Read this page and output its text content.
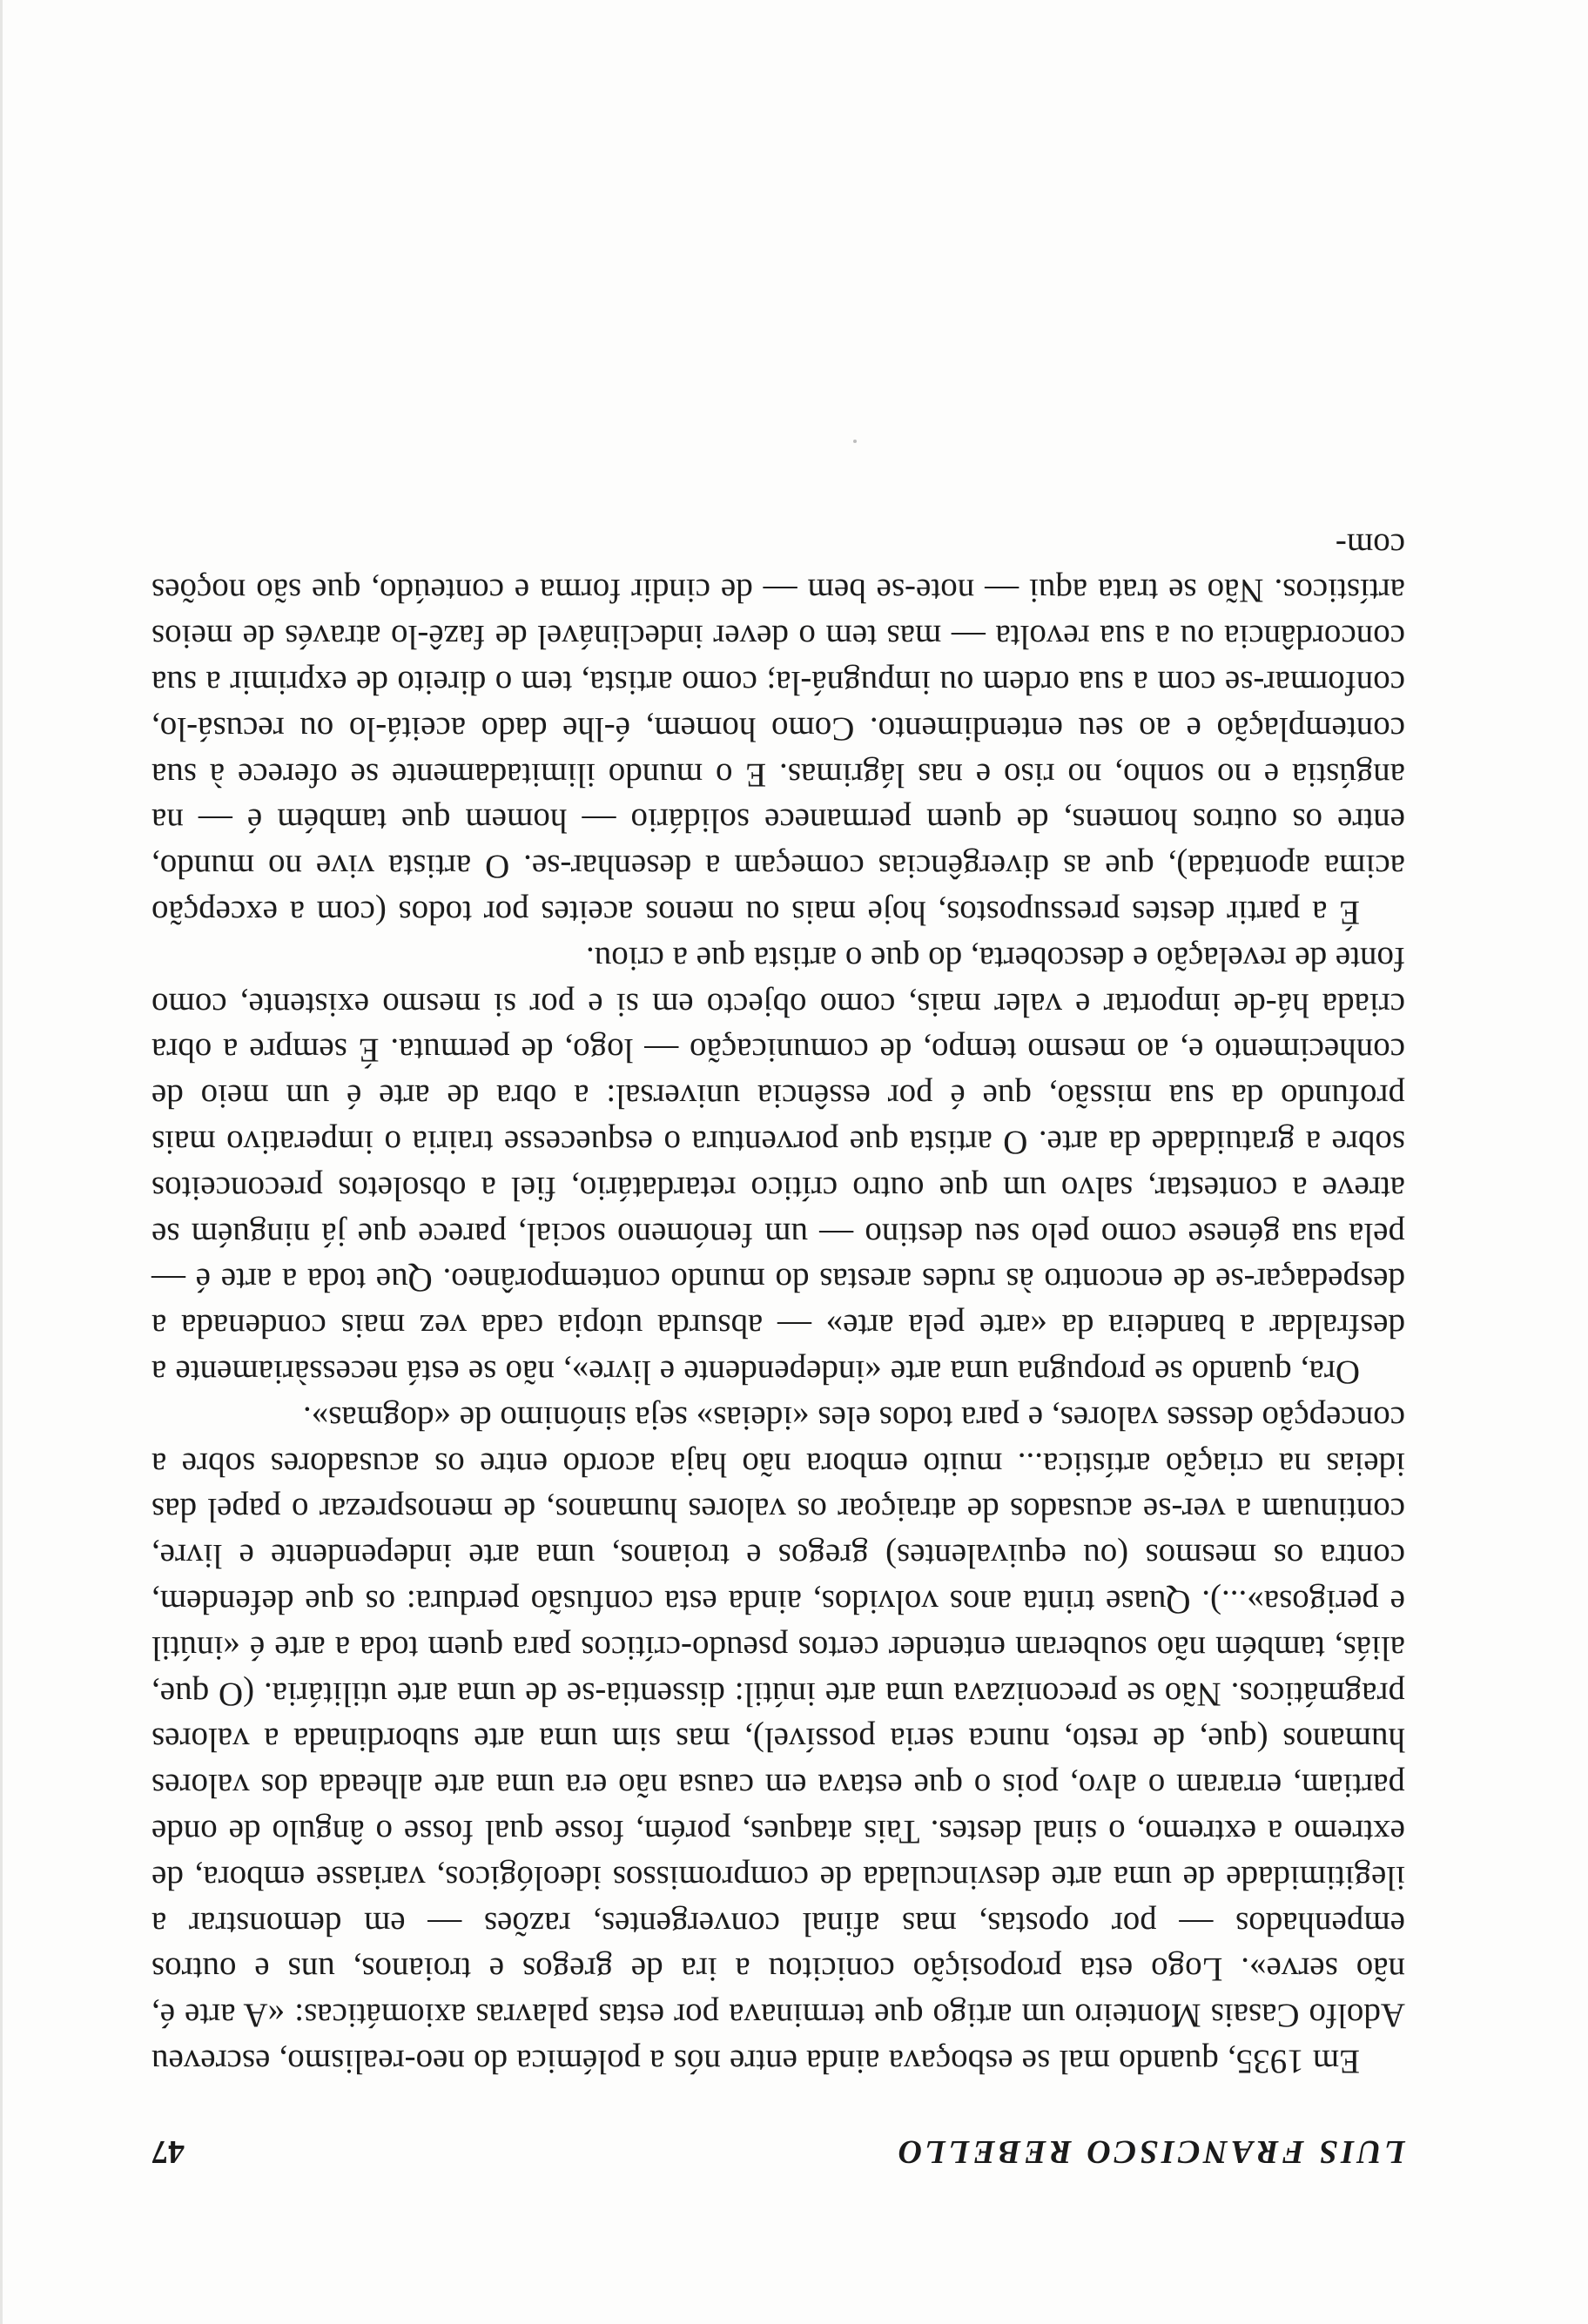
LUIS FRANCISCO REBELLO
47

Em 1935, quando mal se esboçava ainda entre nós a polémica do neo-realismo, escreveu Adolfo Casais Monteiro um artigo que terminava por estas palavras axiomáticas: «A arte é, não serve». Logo esta proposição conicitou a ira de gregos e troianos, uns e outros empenhados — por opostas, mas afinal convergentes, razões — em demonstrar a ilegitimidade de uma arte desvinculada de compromissos ideológicos, variasse embora, de extremo a extremo, o sinal destes. Tais ataques, porém, fosse qual fosse o ângulo de onde partiam, erraram o alvo, pois o que estava em causa não era uma arte alheada dos valores humanos (que, de resto, nunca seria possível), mas sim uma arte subordinada a valores pragmáticos. Não se preconizava uma arte inútil: dissentia-se de uma arte utilitária. (O que, aliás, também não souberam entender certos pseudo-críticos para quem toda a arte é «inútil e perigosa»...). Quase trinta anos volvidos, ainda esta confusão perdura: os que defendem, contra os mesmos (ou equivalentes) gregos e troianos, uma arte independente e livre, continuam a ver-se acusados de atraiçoar os valores humanos, de menosprezar o papel das ideias na criação artística... muito embora não haja acordo entre os acusadores sobre a concepção desses valores, e para todos eles «ideias» seja sinónimo de «dogmas».

Ora, quando se propugna uma arte «independente e livre», não se está necessàriamente a desfraldar a bandeira da «arte pela arte» — absurda utopia cada vez mais condenada a despedaçar-se de encontro às rudes arestas do mundo contemporâneo. Que toda a arte é — pela sua génese como pelo seu destino — um fenómeno social, parece que já ninguém se atreve a contestar, salvo um que outro crítico retardatário, fiel a obsoletos preconceitos sobre a gratuidade da arte. O artista que porventura o esquecesse trairia o imperativo mais profundo da sua missão, que é por essência universal: a obra de arte é um meio de conhecimento e, ao mesmo tempo, de comunicação — logo, de permuta. É sempre a obra criada há-de importar e valer mais, como objecto em si e por si mesmo existente, como fonte de revelação e descoberta, do que o artista que a criou.

É a partir destes pressupostos, hoje mais ou menos aceites por todos (com a excepção acima apontada), que as divergências começam a desenhar-se. O artista vive no mundo, entre os outros homens, de quem permanece solidário — homem que também é — na angústia e no sonho, no riso e nas lágrimas. E o mundo ilimitadamente se oferece à sua contemplação e ao seu entendimento. Como homem, é-lhe dado aceitá-lo ou recusá-lo, conformar-se com a sua ordem ou impugná-la; como artista, tem o direito de exprimir a sua concordância ou a sua revolta — mas tem o dever indeclinável de fazê-lo através de meios artísticos. Não se trata aqui — note-se bem — de cindir forma e conteúdo, que são noções com-
